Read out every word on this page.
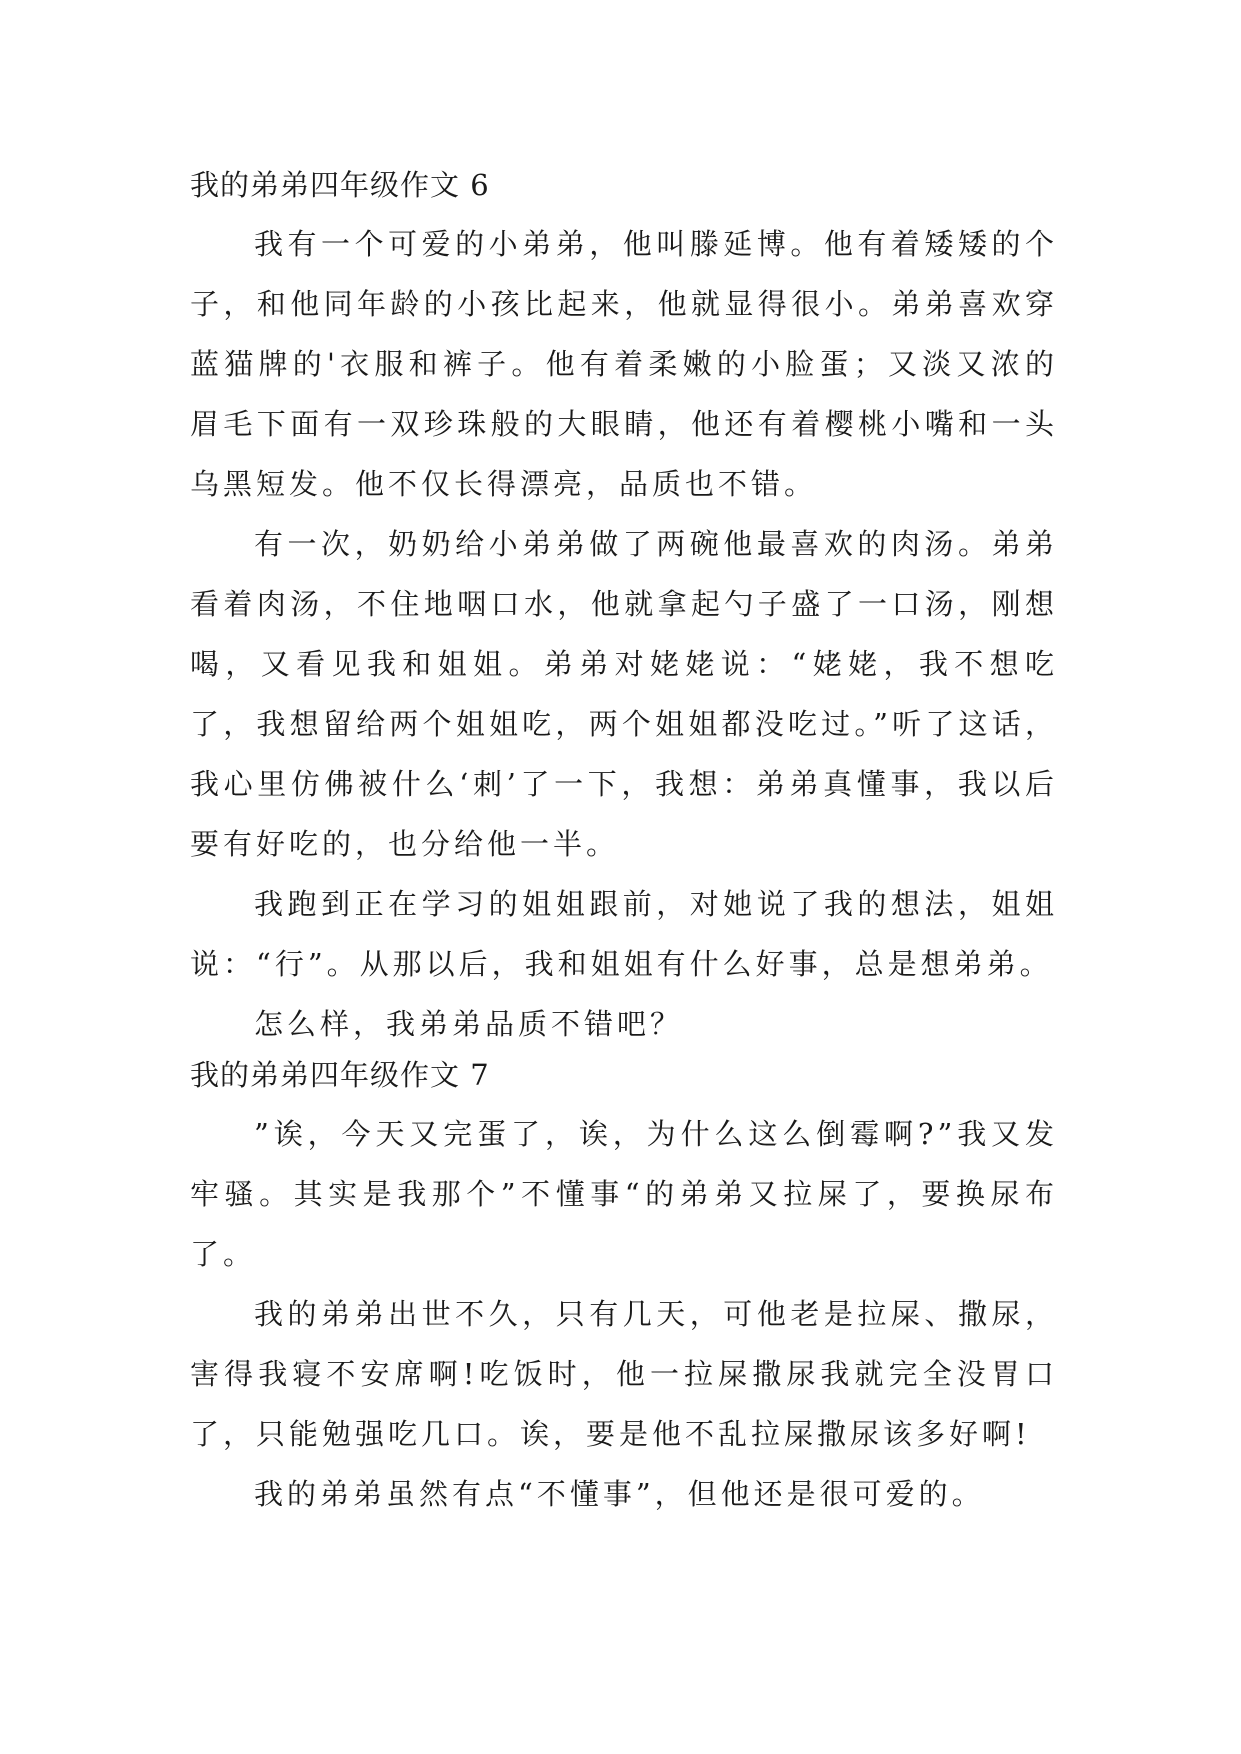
我的弟弟四年级作文 6

我有一个可爱的小弟弟，他叫滕延博。他有着矮矮的个子，和他同年龄的小孩比起来，他就显得很小。弟弟喜欢穿蓝猫牌的'衣服和裤子。他有着柔嫩的小脸蛋；又淡又浓的眉毛下面有一双珍珠般的大眼睛，他还有着樱桃小嘴和一头乌黑短发。他不仅长得漂亮，品质也不错。

有一次，奶奶给小弟弟做了两碗他最喜欢的肉汤。弟弟看着肉汤，不住地咽口水，他就拿起勺子盛了一口汤，刚想喝，又看见我和姐姐。弟弟对姥姥说：“姥姥，我不想吃了，我想留给两个姐姐吃，两个姐姐都没吃过。”听了这话，我心里仿佛被什么‘刺’了一下，我想：弟弟真懂事，我以后要有好吃的，也分给他一半。

我跑到正在学习的姐姐跟前，对她说了我的想法，姐姐说：“行”。从那以后，我和姐姐有什么好事，总是想弟弟。

怎么样，我弟弟品质不错吧？

我的弟弟四年级作文 7

”诶，今天又完蛋了，诶，为什么这么倒霉啊?”我又发牢骚。其实是我那个”不懂事“的弟弟又拉屎了，要换尿布了。

我的弟弟出世不久，只有几天，可他老是拉屎、撒尿，害得我寝不安席啊!吃饭时，他一拉屎撒尿我就完全没胃口了，只能勉强吃几口。诶，要是他不乱拉屎撒尿该多好啊!

我的弟弟虽然有点“不懂事”，但他还是很可爱的。
